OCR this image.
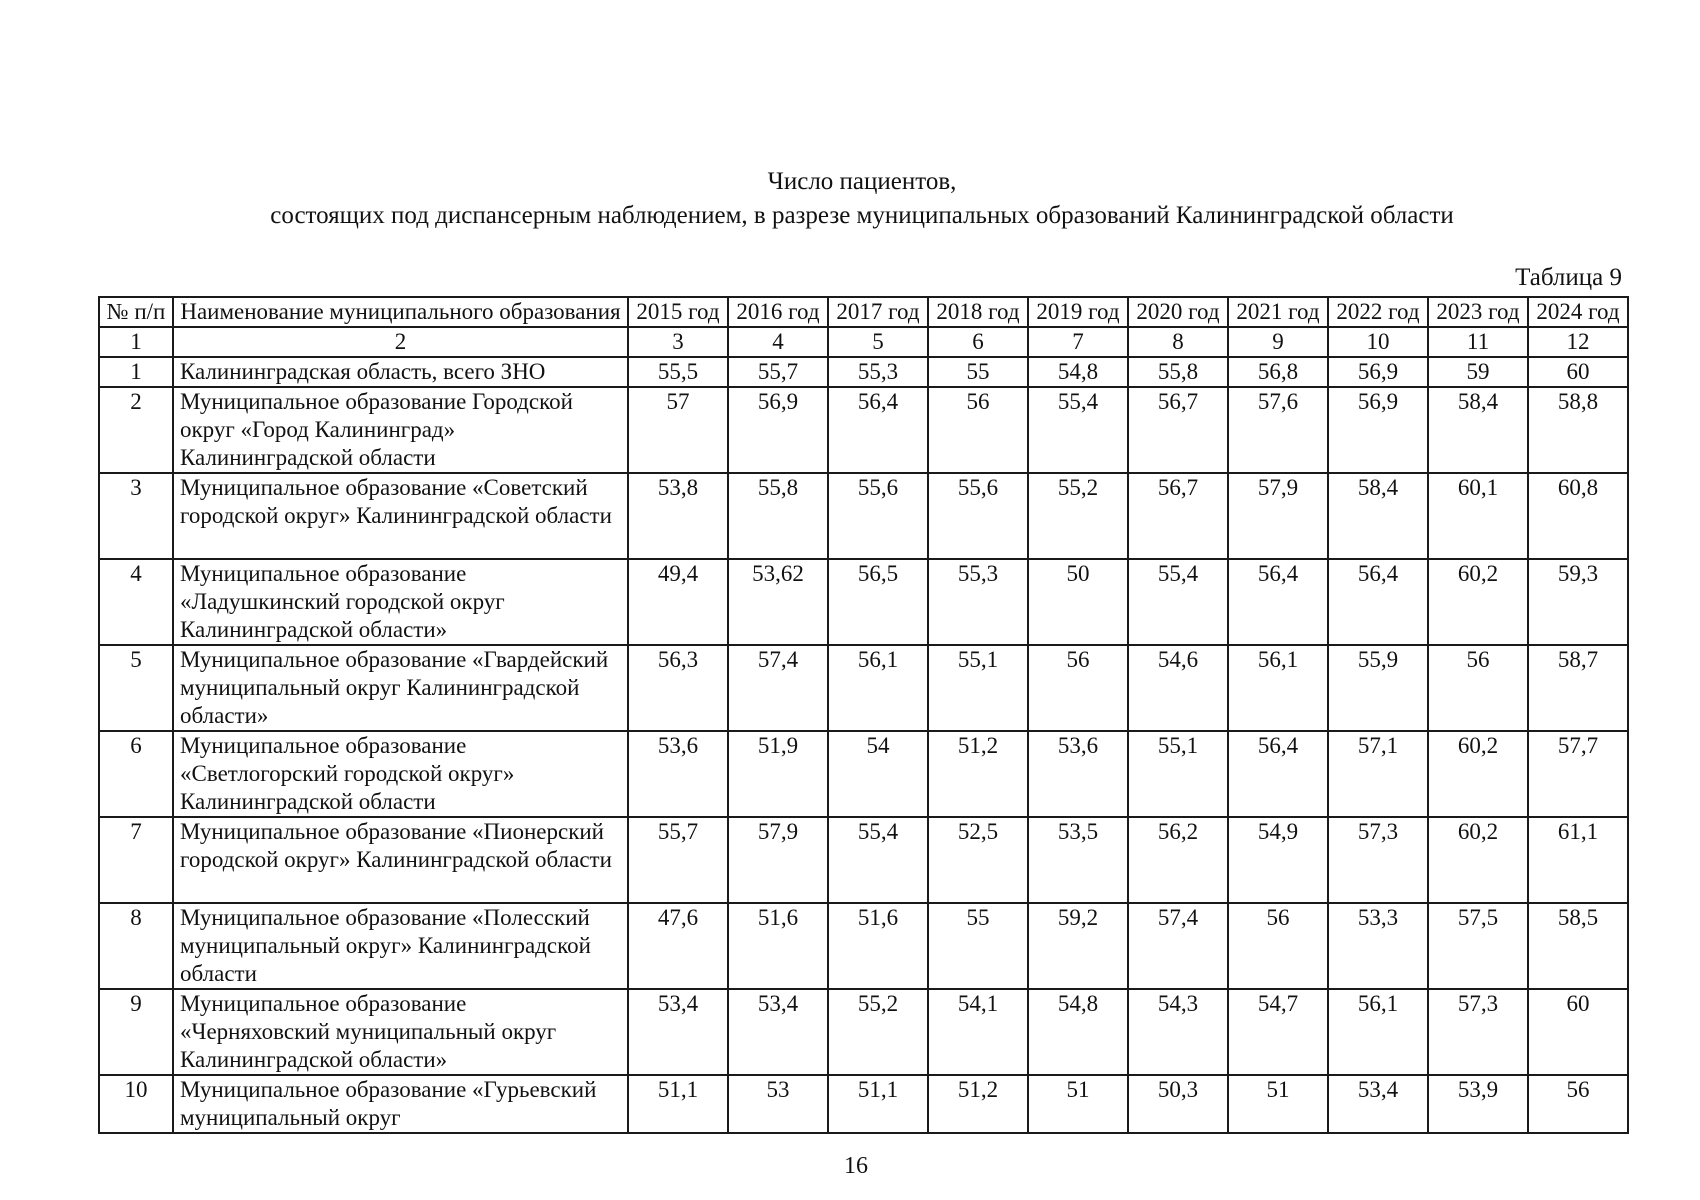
Число пациентов,
состоящих под диспансерным наблюдением, в разрезе муниципальных образований Калининградской области
Таблица 9
№ п/п	Наименование муниципального образования	2015 год	2016 год	2017 год	2018 год	2019 год	2020 год	2021 год	2022 год	2023 год	2024 год
1	2	3	4	5	6	7	8	9	10	11	12
1	Калининградская область, всего ЗНО	55,5	55,7	55,3	55	54,8	55,8	56,8	56,9	59	60
2	Муниципальное образование Городской округ «Город Калининград» Калининградской области	57	56,9	56,4	56	55,4	56,7	57,6	56,9	58,4	58,8
3	Муниципальное образование «Советский городской округ» Калининградской области	53,8	55,8	55,6	55,6	55,2	56,7	57,9	58,4	60,1	60,8
4	Муниципальное образование «Ладушкинский городской округ Калининградской области»	49,4	53,62	56,5	55,3	50	55,4	56,4	56,4	60,2	59,3
5	Муниципальное образование «Гвардейский муниципальный округ Калининградской области»	56,3	57,4	56,1	55,1	56	54,6	56,1	55,9	56	58,7
6	Муниципальное образование «Светлогорский городской округ» Калининградской области	53,6	51,9	54	51,2	53,6	55,1	56,4	57,1	60,2	57,7
7	Муниципальное образование «Пионерский городской округ» Калининградской области	55,7	57,9	55,4	52,5	53,5	56,2	54,9	57,3	60,2	61,1
8	Муниципальное образование «Полесский муниципальный округ» Калининградской области	47,6	51,6	51,6	55	59,2	57,4	56	53,3	57,5	58,5
9	Муниципальное образование «Черняховский муниципальный округ Калининградской области»	53,4	53,4	55,2	54,1	54,8	54,3	54,7	56,1	57,3	60
10	Муниципальное образование «Гурьевский муниципальный округ	51,1	53	51,1	51,2	51	50,3	51	53,4	53,9	56
16
